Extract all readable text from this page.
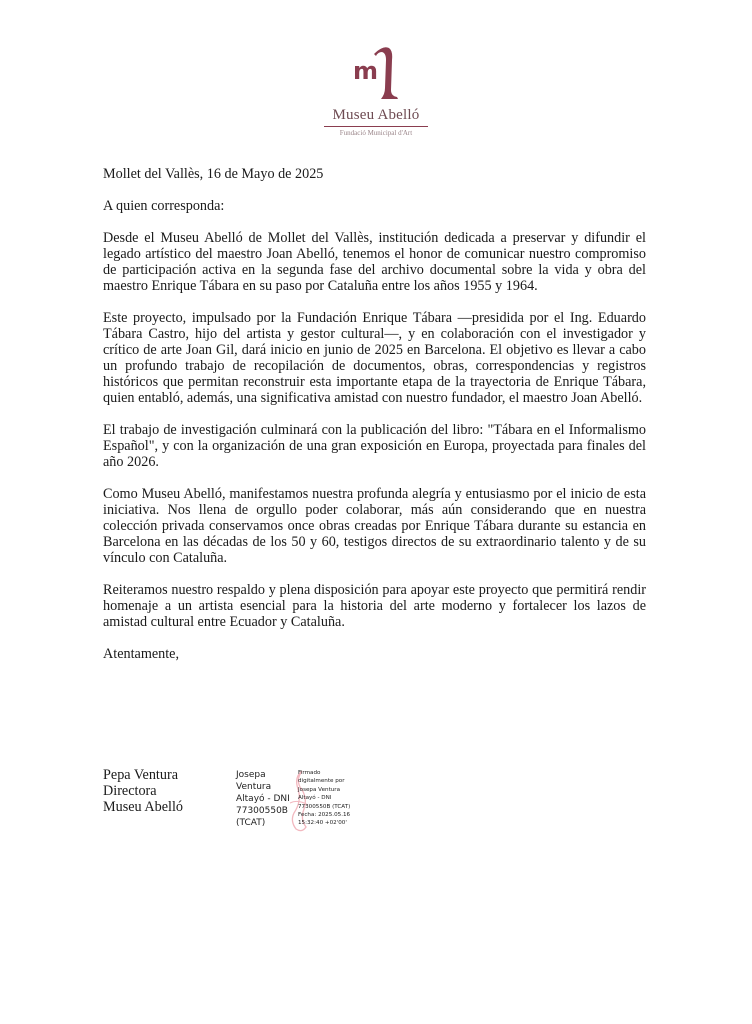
m
Museu Abelló
Fundació Municipal d'Art

Mollet del Vallès, 16 de Mayo de 2025

A quien corresponda:

Desde el Museu Abelló de Mollet del Vallès, institución dedicada a preservar y difundir el legado artístico del maestro Joan Abelló, tenemos el honor de comunicar nuestro compromiso de participación activa en la segunda fase del archivo documental sobre la vida y obra del maestro Enrique Tábara en su paso por Cataluña entre los años 1955 y 1964.

Este proyecto, impulsado por la Fundación Enrique Tábara —presidida por el Ing. Eduardo Tábara Castro, hijo del artista y gestor cultural—, y en colaboración con el investigador y crítico de arte Joan Gil, dará inicio en junio de 2025 en Barcelona. El objetivo es llevar a cabo un profundo trabajo de recopilación de documentos, obras, correspondencias y registros históricos que permitan reconstruir esta importante etapa de la trayectoria de Enrique Tábara, quien entabló, además, una significativa amistad con nuestro fundador, el maestro Joan Abelló.

El trabajo de investigación culminará con la publicación del libro: "Tábara en el Informalismo Español", y con la organización de una gran exposición en Europa, proyectada para finales del año 2026.

Como Museu Abelló, manifestamos nuestra profunda alegría y entusiasmo por el inicio de esta iniciativa. Nos llena de orgullo poder colaborar, más aún considerando que en nuestra colección privada conservamos once obras creadas por Enrique Tábara durante su estancia en Barcelona en las décadas de los 50 y 60, testigos directos de su extraordinario talento y de su vínculo con Cataluña.

Reiteramos nuestro respaldo y plena disposición para apoyar este proyecto que permitirá rendir homenaje a un artista esencial para la historia del arte moderno y fortalecer los lazos de amistad cultural entre Ecuador y Cataluña.

Atentamente,

Pepa Ventura
Directora
Museu Abelló
Josepa
Ventura
Altayó - DNI
77300550B
(TCAT)
Firmado
digitalmente por
Josepa Ventura
Altayó - DNI
77300550B (TCAT)
Fecha: 2025.05.16
15:32:40 +02'00'
